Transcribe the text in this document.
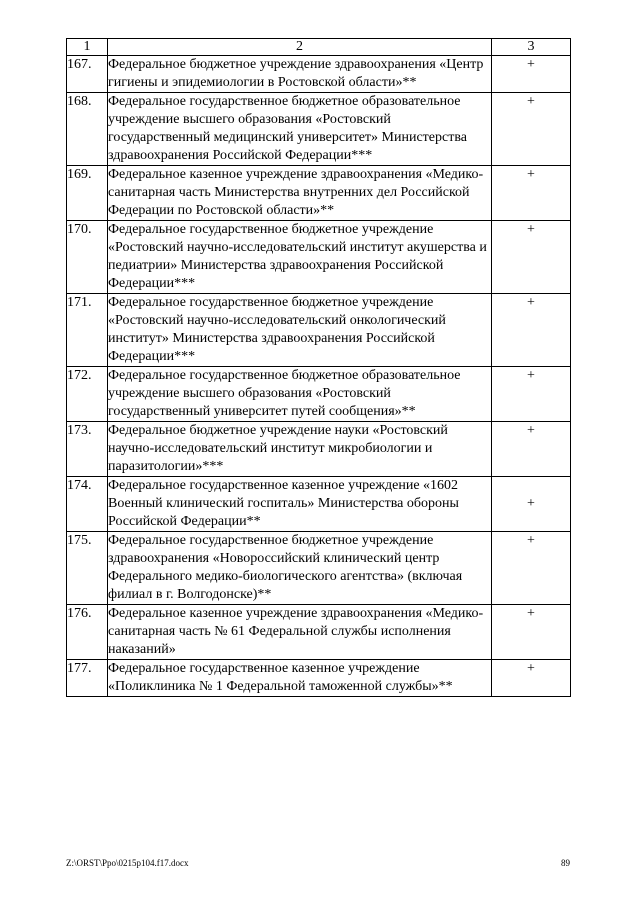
1	2	3
167.	Федеральное бюджетное учреждение здравоохранения «Центр гигиены и эпидемиологии в Ростовской области»**	+
168.	Федеральное государственное бюджетное образовательное учреждение высшего образования «Ростовский государственный медицинский университет» Министерства здравоохранения Российской Федерации***	+
169.	Федеральное казенное учреждение здравоохранения «Медико-санитарная часть Министерства внутренних дел Российской Федерации по Ростовской области»**	+
170.	Федеральное государственное бюджетное учреждение «Ростовский научно-исследовательский институт акушерства и педиатрии» Министерства здравоохранения Российской Федерации***	+
171.	Федеральное государственное бюджетное учреждение «Ростовский научно-исследовательский онкологический институт» Министерства здравоохранения Российской Федерации***	+
172.	Федеральное государственное бюджетное образовательное учреждение высшего образования «Ростовский государственный университет путей сообщения»**	+
173.	Федеральное бюджетное учреждение науки «Ростовский научно-исследовательский институт микробиологии и паразитологии»***	+
174.	Федеральное государственное казенное учреждение «1602 Военный клинический госпиталь» Министерства обороны Российской Федерации**	+
175.	Федеральное государственное бюджетное учреждение здравоохранения «Новороссийский клинический центр Федерального медико-биологического агентства» (включая филиал в г. Волгодонске)**	+
176.	Федеральное казенное учреждение здравоохранения «Медико-санитарная часть № 61 Федеральной службы исполнения наказаний»	+
177.	Федеральное государственное казенное учреждение «Поликлиника № 1 Федеральной таможенной службы»**	+
Z:\ORST\Ppo\0215p104.f17.docx	89
